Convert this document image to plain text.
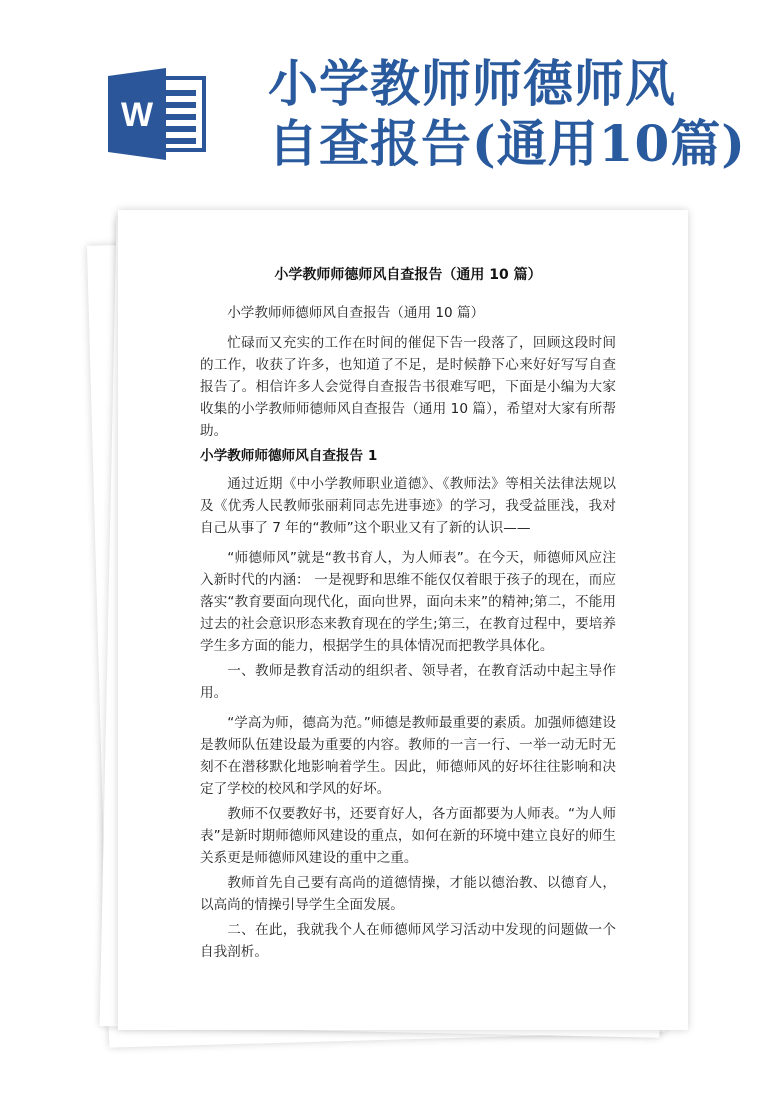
W
小学教师师德师风
自查报告(通用10篇)
小学教师师德师风自查报告（通用 10 篇）

小学教师师德师风自查报告（通用 10 篇）

忙碌而又充实的工作在时间的催促下告一段落了，回顾这段时间的工作，收获了许多，也知道了不足，是时候静下心来好好写写自查报告了。相信许多人会觉得自查报告书很难写吧，下面是小编为大家收集的小学教师师德师风自查报告（通用 10 篇），希望对大家有所帮助。

小学教师师德师风自查报告 1

通过近期《中小学教师职业道德》、《教师法》等相关法律法规以及《优秀人民教师张丽莉同志先进事迹》的学习，我受益匪浅，我对自己从事了 7 年的“教师”这个职业又有了新的认识——

“师德师风”就是“教书育人，为人师表”。在今天，师德师风应注入新时代的内涵： 一是视野和思维不能仅仅着眼于孩子的现在，而应落实“教育要面向现代化，面向世界，面向未来”的精神;第二，不能用过去的社会意识形态来教育现在的学生;第三，在教育过程中，要培养学生多方面的能力，根据学生的具体情况而把教学具体化。

一、教师是教育活动的组织者、领导者，在教育活动中起主导作用。

“学高为师，德高为范。”师德是教师最重要的素质。加强师德建设是教师队伍建设最为重要的内容。教师的一言一行、一举一动无时无刻不在潜移默化地影响着学生。因此，师德师风的好坏往往影响和决定了学校的校风和学风的好坏。

教师不仅要教好书，还要育好人，各方面都要为人师表。“为人师表”是新时期师德师风建设的重点，如何在新的环境中建立良好的师生关系更是师德师风建设的重中之重。

教师首先自己要有高尚的道德情操，才能以德治教、以德育人，以高尚的情操引导学生全面发展。

二、在此，我就我个人在师德师风学习活动中发现的问题做一个自我剖析。
